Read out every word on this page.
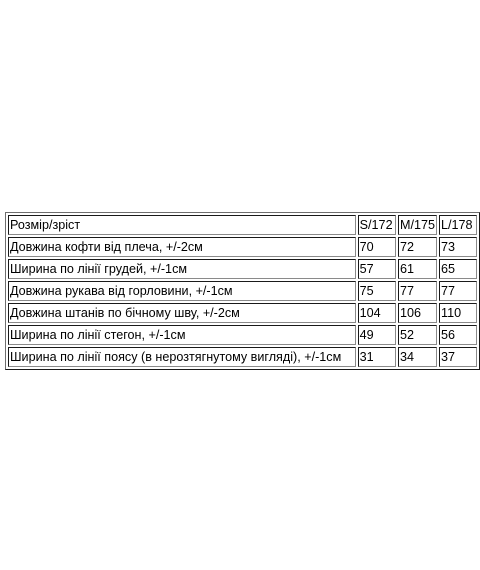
Розмір/зріст	S/172	M/175	L/178
Довжина кофти від плеча, +/-2см	70	72	73
Ширина по лінії грудей, +/-1см	57	61	65
Довжина рукава від горловини, +/-1см	75	77	77
Довжина штанів по бічному шву, +/-2см	104	106	110
Ширина по лінії стегон, +/-1см	49	52	56
Ширина по лінії поясу (в нерозтягнутому вигляді), +/-1см	31	34	37
